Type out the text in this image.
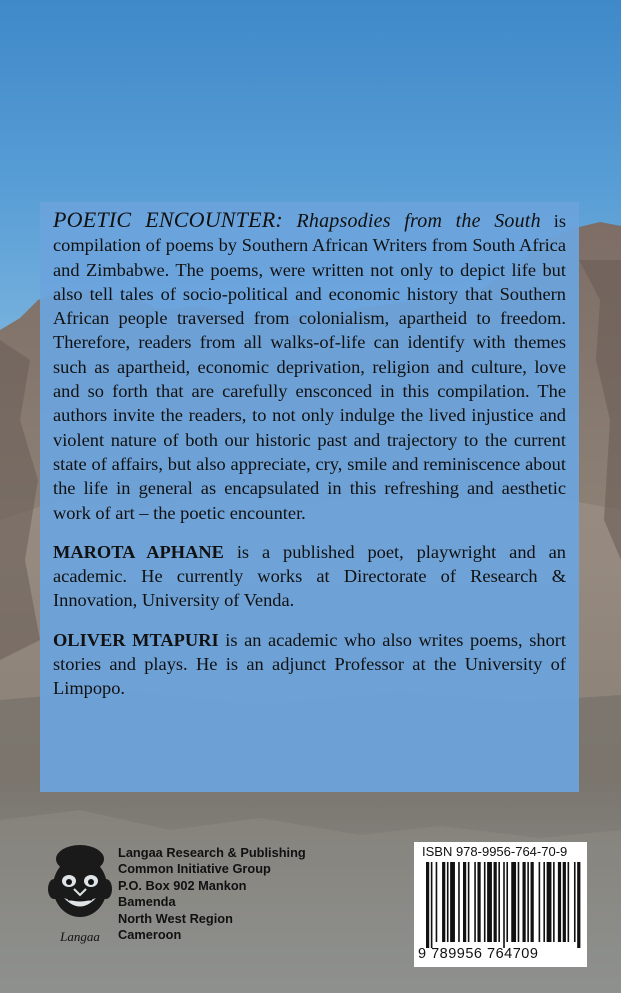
POETIC ENCOUNTER: Rhapsodies from the South is compilation of poems by Southern African Writers from South Africa and Zimbabwe. The poems, were written not only to depict life but also tell tales of socio-political and economic history that Southern African people traversed from colonialism, apartheid to freedom. Therefore, readers from all walks-of-life can identify with themes such as apartheid, economic deprivation, religion and culture, love and so forth that are carefully ensconced in this compilation. The authors invite the readers, to not only indulge the lived injustice and violent nature of both our historic past and trajectory to the current state of affairs, but also appreciate, cry, smile and reminiscence about the life in general as encapsulated in this refreshing and aesthetic work of art – the poetic encounter.

MAROTA APHANE is a published poet, playwright and an academic. He currently works at Directorate of Research & Innovation, University of Venda.

OLIVER MTAPURI is an academic who also writes poems, short stories and plays. He is an adjunct Professor at the University of Limpopo.

Langaa
Langaa Research & Publishing
Common Initiative Group
P.O. Box 902 Mankon
Bamenda
North West Region
Cameroon
ISBN 978-9956-764-70-9
9 789956 764709
